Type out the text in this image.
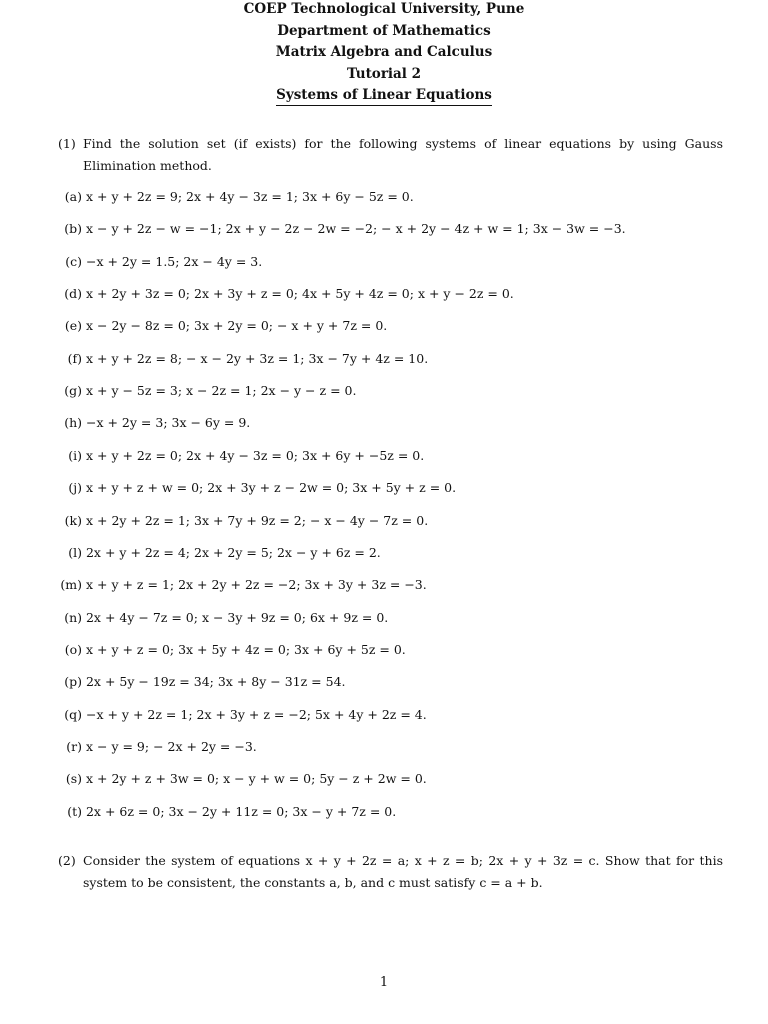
COEP Technological University, Pune
Department of Mathematics
Matrix Algebra and Calculus
Tutorial 2
Systems of Linear Equations
(1) Find the solution set (if exists) for the following systems of linear equations by using Gauss Elimination method.
(a) x + y + 2z = 9; 2x + 4y − 3z = 1; 3x + 6y − 5z = 0.
(b) x − y + 2z − w = −1; 2x + y − 2z − 2w = −2; − x + 2y − 4z + w = 1; 3x − 3w = −3.
(c) −x + 2y = 1.5; 2x − 4y = 3.
(d) x + 2y + 3z = 0; 2x + 3y + z = 0; 4x + 5y + 4z = 0; x + y − 2z = 0.
(e) x − 2y − 8z = 0; 3x + 2y = 0; − x + y + 7z = 0.
(f) x + y + 2z = 8; − x − 2y + 3z = 1; 3x − 7y + 4z = 10.
(g) x + y − 5z = 3; x − 2z = 1; 2x − y − z = 0.
(h) −x + 2y = 3; 3x − 6y = 9.
(i) x + y + 2z = 0; 2x + 4y − 3z = 0; 3x + 6y + −5z = 0.
(j) x + y + z + w = 0; 2x + 3y + z − 2w = 0; 3x + 5y + z = 0.
(k) x + 2y + 2z = 1; 3x + 7y + 9z = 2; − x − 4y − 7z = 0.
(l) 2x + y + 2z = 4; 2x + 2y = 5; 2x − y + 6z = 2.
(m) x + y + z = 1; 2x + 2y + 2z = −2; 3x + 3y + 3z = −3.
(n) 2x + 4y − 7z = 0; x − 3y + 9z = 0; 6x + 9z = 0.
(o) x + y + z = 0; 3x + 5y + 4z = 0; 3x + 6y + 5z = 0.
(p) 2x + 5y − 19z = 34; 3x + 8y − 31z = 54.
(q) −x + y + 2z = 1; 2x + 3y + z = −2; 5x + 4y + 2z = 4.
(r) x − y = 9; − 2x + 2y = −3.
(s) x + 2y + z + 3w = 0; x − y + w = 0; 5y − z + 2w = 0.
(t) 2x + 6z = 0; 3x − 2y + 11z = 0; 3x − y + 7z = 0.
(2) Consider the system of equations x + y + 2z = a; x + z = b; 2x + y + 3z = c. Show that for this system to be consistent, the constants a, b, and c must satisfy c = a + b.
1
